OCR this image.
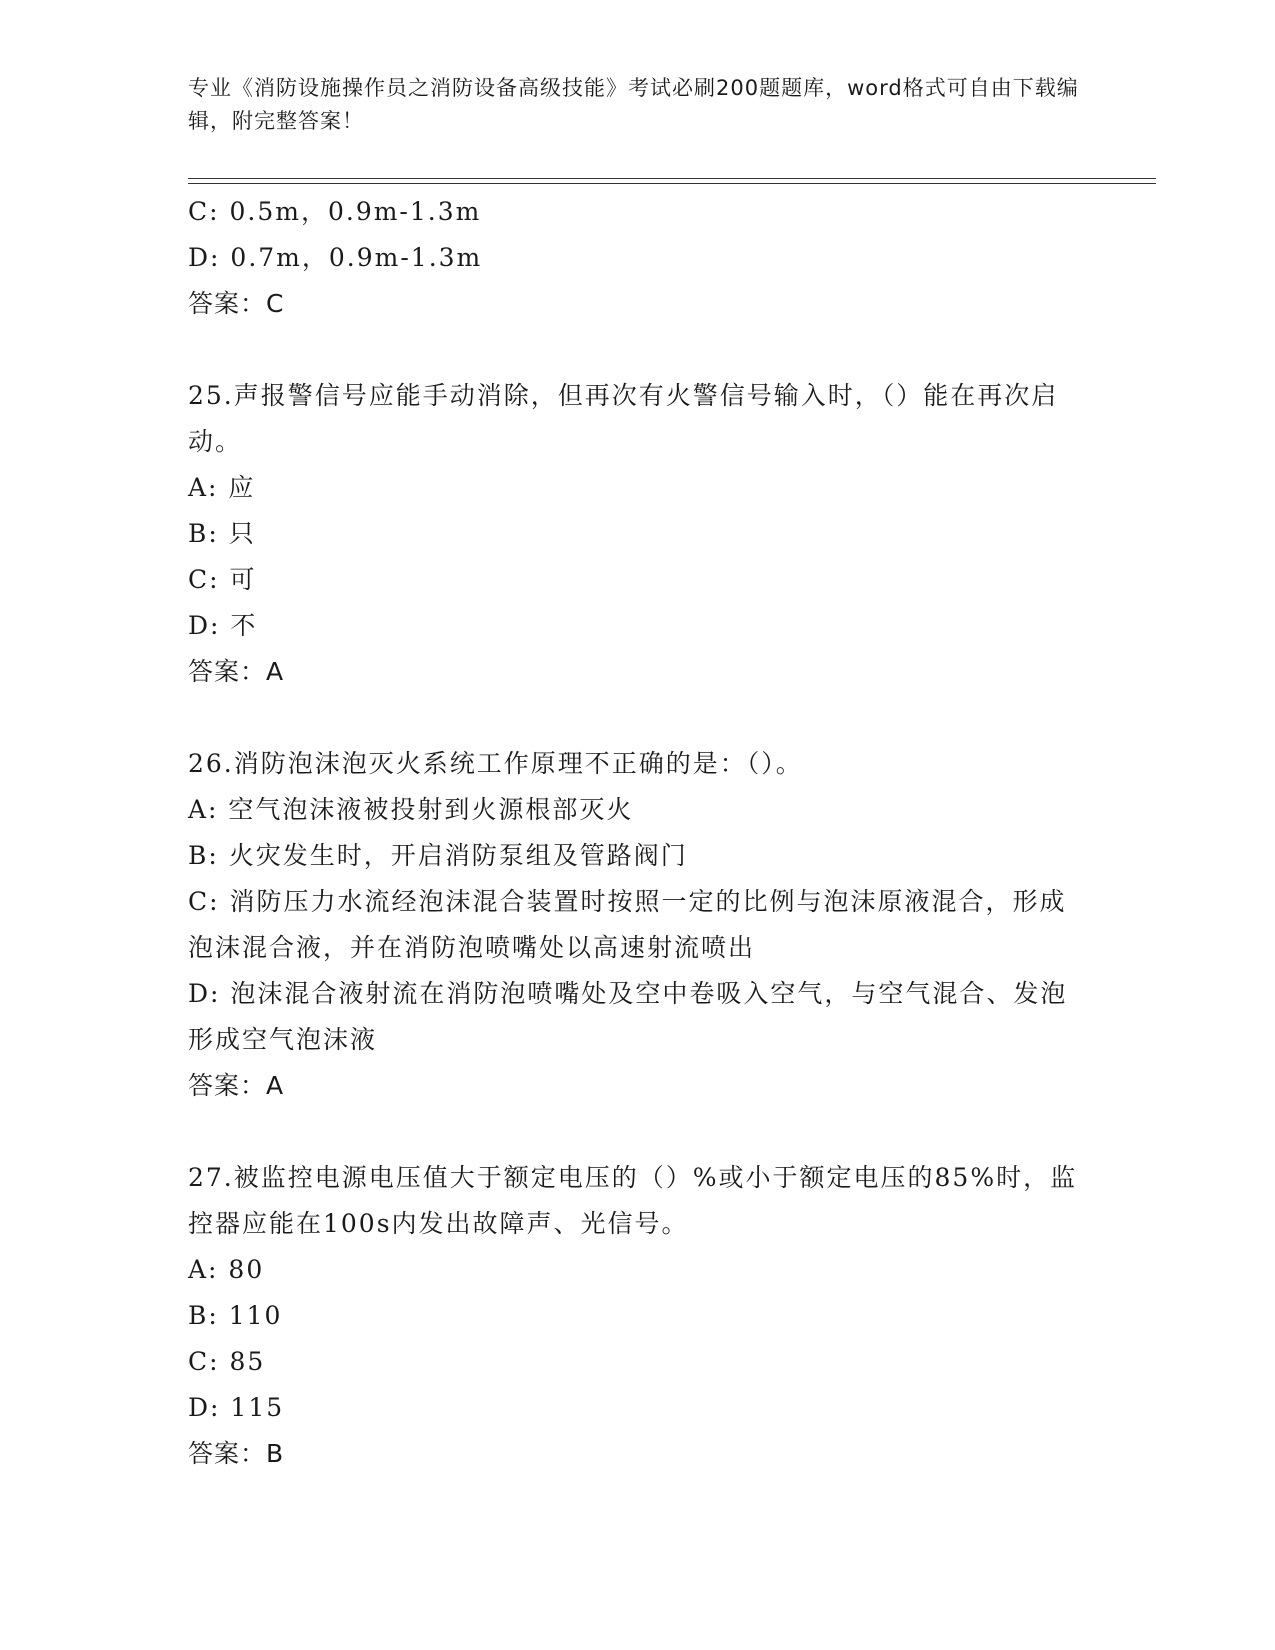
专业《消防设施操作员之消防设备高级技能》考试必刷200题题库，word格式可自由下载编辑，附完整答案！
C: 0.5m，0.9m-1.3m
D: 0.7m，0.9m-1.3m
答案：C
25.声报警信号应能手动消除，但再次有火警信号输入时，（）能在再次启动。
A: 应
B: 只
C: 可
D: 不
答案：A
26.消防泡沫泡灭火系统工作原理不正确的是：（）。
A: 空气泡沫液被投射到火源根部灭火
B: 火灾发生时，开启消防泵组及管路阀门
C: 消防压力水流经泡沫混合装置时按照一定的比例与泡沫原液混合，形成泡沫混合液，并在消防泡喷嘴处以高速射流喷出
D: 泡沫混合液射流在消防泡喷嘴处及空中卷吸入空气，与空气混合、发泡形成空气泡沫液
答案：A
27.被监控电源电压值大于额定电压的（）%或小于额定电压的85%时，监控器应能在100s内发出故障声、光信号。
A: 80
B: 110
C: 85
D: 115
答案：B
